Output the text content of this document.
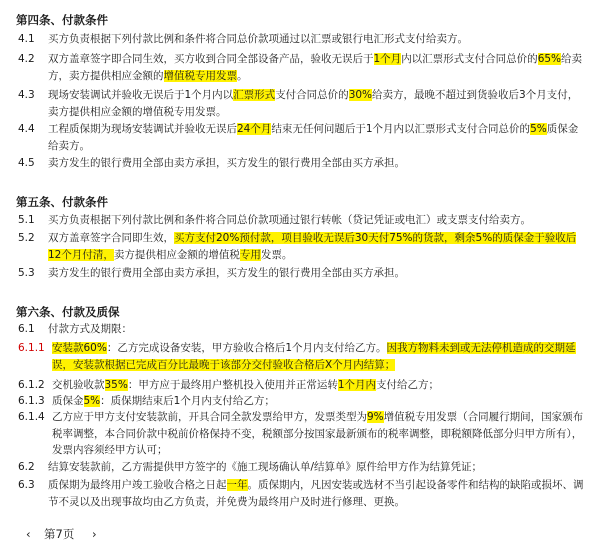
第四条、付款条件
4.1 买方负责根据下列付款比例和条件将合同总价款项通过以汇票或银行电汇形式支付给卖方。
4.2 双方盖章签字即合同生效，买方收到合同全部设备产品，验收无误后于1个月内以汇票形式支付合同总价的65%给卖方，卖方提供相应金额的增值税专用发票。
4.3 现场安装调试并验收无误后于1个月内以汇票形式支付合同总价的30%给卖方，最晚不超过到货验收后3个月支付，卖方提供相应金额的增值税专用发票。
4.4 工程质保期为现场安装调试并验收无误后24个月结束无任何问题后于1个月内以汇票形式支付合同总价的5%质保金给卖方。
4.5 卖方发生的银行费用全部由卖方承担，买方发生的银行费用全部由买方承担。
第五条、付款条件
5.1 买方负责根据下列付款比例和条件将合同总价款项通过银行转帐（贷记凭证或电汇）或支票支付给卖方。
5.2 双方盖章签字合同即生效，买方支付20%预付款，项目验收无误后30天付75%的货款，剩余5%的质保金于验收后12个月付清，卖方提供相应金额的增值税专用发票。
5.3 卖方发生的银行费用全部由卖方承担，买方发生的银行费用全部由买方承担。
第六条、付款及质保
6.1 付款方式及期限：
6.1.1 安装款60%：乙方完成设备安装，甲方验收合格后1个月内支付给乙方。因我方物料未到或无法停机造成的交期延误，安装款根据已完成百分比最晚于该部分交付验收合格后X个月内结算；
6.1.2 交机验收款35%：甲方应于最终用户整机投入使用并正常运转1个月内支付给乙方；
6.1.3 质保金5%：质保期结束后1个月内支付给乙方；
6.1.4 乙方应于甲方支付安装款前，开具合同全款发票给甲方，发票类型为9%增值税专用发票（合同履行期间，国家颁布税率调整，本合同价款中税前价格保持不变，税额部分按国家最新颁布的税率调整，即税额降低部分归甲方所有），发票内容须经甲方认可；
6.2 结算安装款前，乙方需提供甲方签字的《施工现场确认单/结算单》原件给甲方作为结算凭证；
6.3 质保期为最终用户竣工验收合格之日起一年。质保期内，凡因安装或选材不当引起设备零件和结构的缺陷或损坏、调节不灵以及出现事故均由乙方负责，并免费为最终用户及时进行修理、更换。
‹ 第7页 ›
